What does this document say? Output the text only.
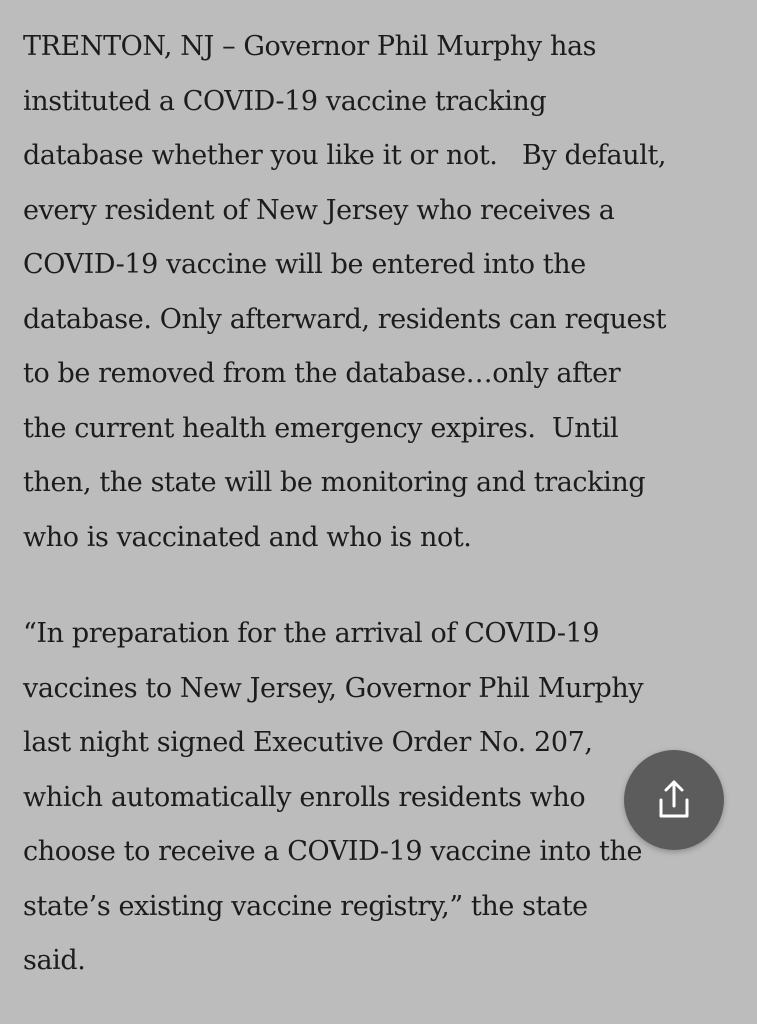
TRENTON, NJ – Governor Phil Murphy has
instituted a COVID-19 vaccine tracking
database whether you like it or not.   By default,
every resident of New Jersey who receives a
COVID-19 vaccine will be entered into the
database. Only afterward, residents can request
to be removed from the database…only after
the current health emergency expires.  Until
then, the state will be monitoring and tracking
who is vaccinated and who is not.
“In preparation for the arrival of COVID-19
vaccines to New Jersey, Governor Phil Murphy
last night signed Executive Order No. 207,
which automatically enrolls residents who
choose to receive a COVID-19 vaccine into the
state’s existing vaccine registry,” the state
said.
